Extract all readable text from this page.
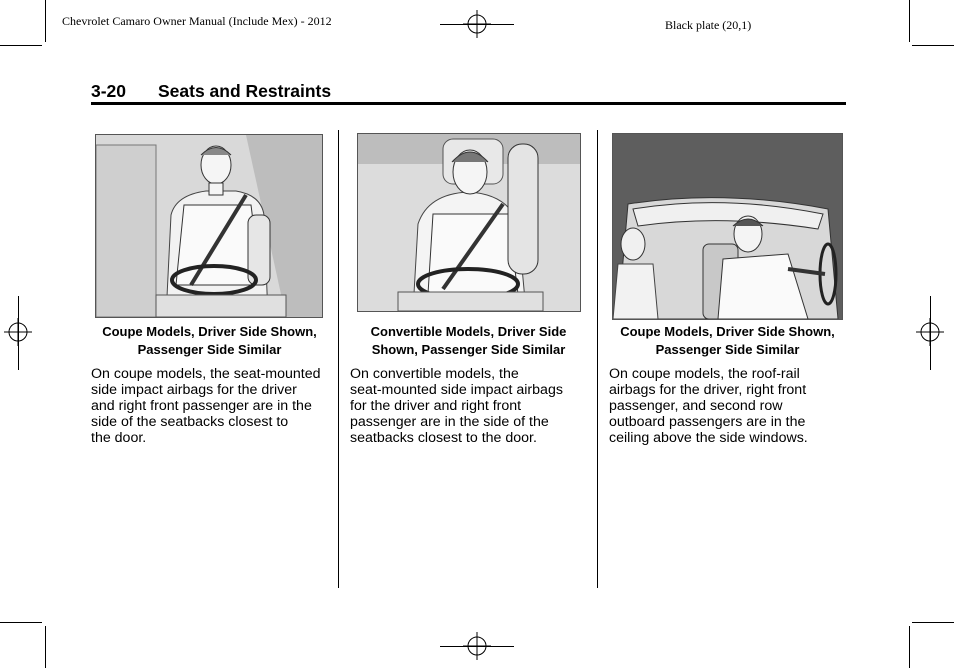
Chevrolet Camaro Owner Manual (Include Mex) - 2012	Black plate (20,1)
3-20 Seats and Restraints
Coupe Models, Driver Side Shown,
Passenger Side Similar
On coupe models, the seat-mounted
side impact airbags for the driver
and right front passenger are in the
side of the seatbacks closest to
the door.
Convertible Models, Driver Side
Shown, Passenger Side Similar
On convertible models, the
seat-mounted side impact airbags
for the driver and right front
passenger are in the side of the
seatbacks closest to the door.
Coupe Models, Driver Side Shown,
Passenger Side Similar
On coupe models, the roof-rail
airbags for the driver, right front
passenger, and second row
outboard passengers are in the
ceiling above the side windows.
